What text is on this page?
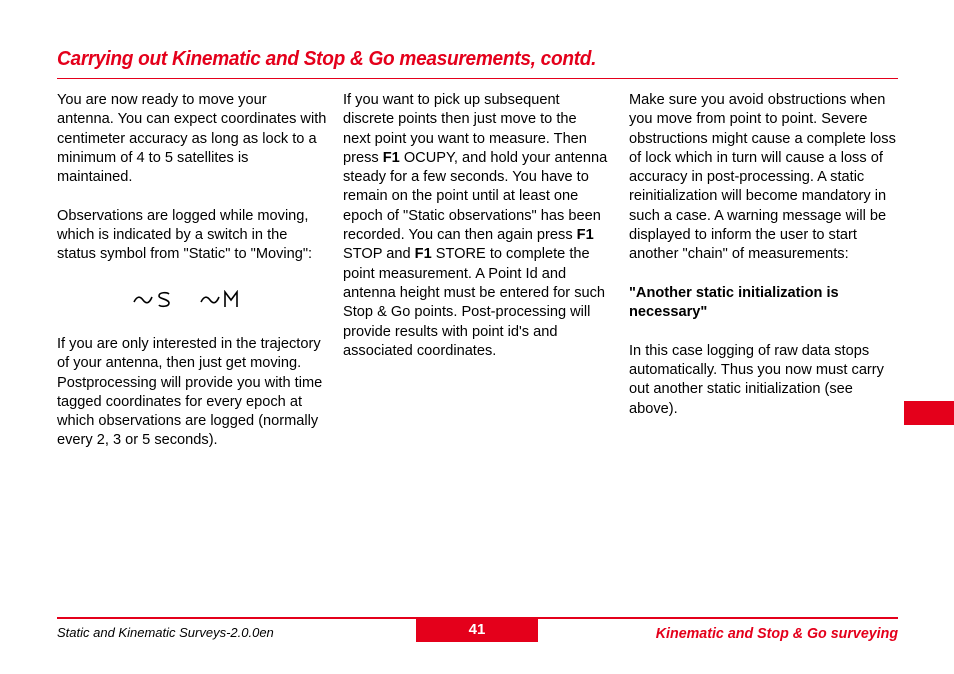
Carrying out Kinematic and Stop & Go measurements, contd.

You are now ready to move your antenna. You can expect coordinates with centimeter accuracy as long as lock to a minimum of 4 to 5 satellites is maintained.

Observations are logged while moving, which is indicated by a switch in the status symbol from "Static" to "Moving":

If you are only interested in the trajectory of your antenna, then just get moving. Postprocessing will provide you with time tagged coordinates for every epoch at which observations are logged (normally every 2, 3 or 5 seconds).

If you want to pick up subsequent discrete points then just move to the next point you want to measure. Then press F1 OCUPY, and hold your antenna steady for a few seconds. You have to remain on the point until at least one epoch of "Static observations" has been recorded. You can then again press F1 STOP and F1 STORE to complete the point measurement. A Point Id and antenna height must be entered for such Stop & Go points. Post-processing will provide results with point id's and associated coordinates.

Make sure you avoid obstructions when you move from point to point. Severe obstructions might cause a complete loss of lock which in turn will cause a loss of accuracy in post-processing. A static reinitialization will become mandatory in such a case. A warning message will be displayed to inform the user to start another "chain" of measurements:

"Another static initialization is necessary"

In this case logging of raw data stops automatically. Thus you now must carry out another static initialization (see above).

Static and Kinematic Surveys-2.0.0en	41	Kinematic and Stop & Go surveying
